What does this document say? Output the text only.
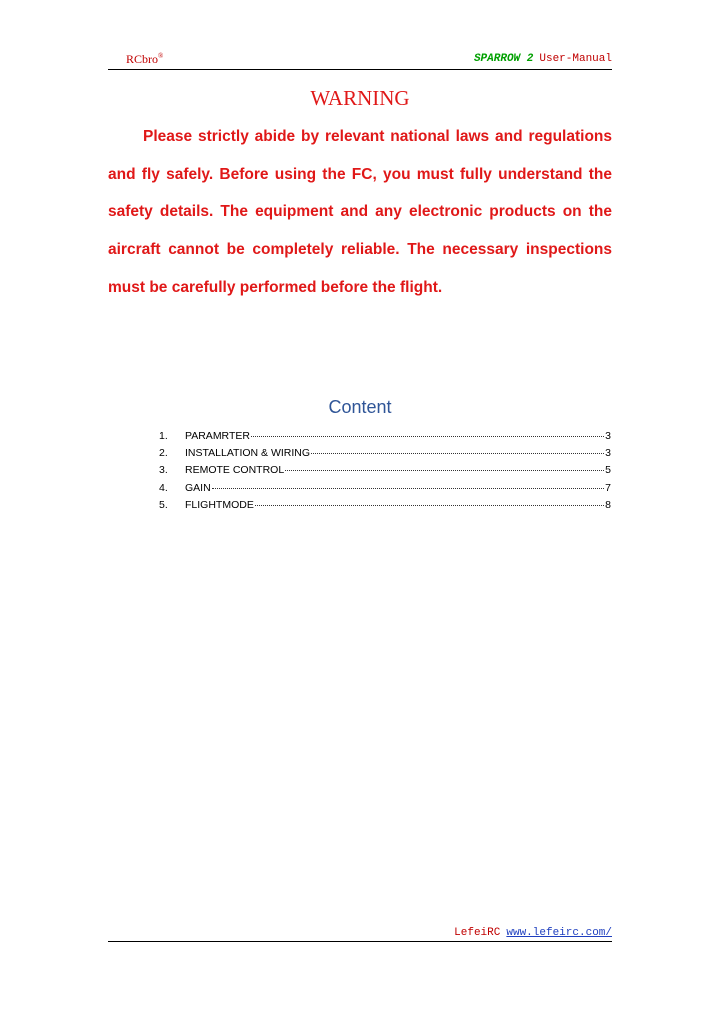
RCbro®	SPARROW 2 User-Manual
WARNING

Please strictly abide by relevant national laws and regulations and fly safely. Before using the FC, you must fully understand the safety details. The equipment and any electronic products on the aircraft cannot be completely reliable. The necessary inspections must be carefully performed before the flight.

Content
1.	PARAMRTER	3
2.	INSTALLATION & WIRING	3
3.	REMOTE CONTROL	5
4.	GAIN	7
5.	FLIGHTMODE	8
LefeiRC www.lefeirc.com/
